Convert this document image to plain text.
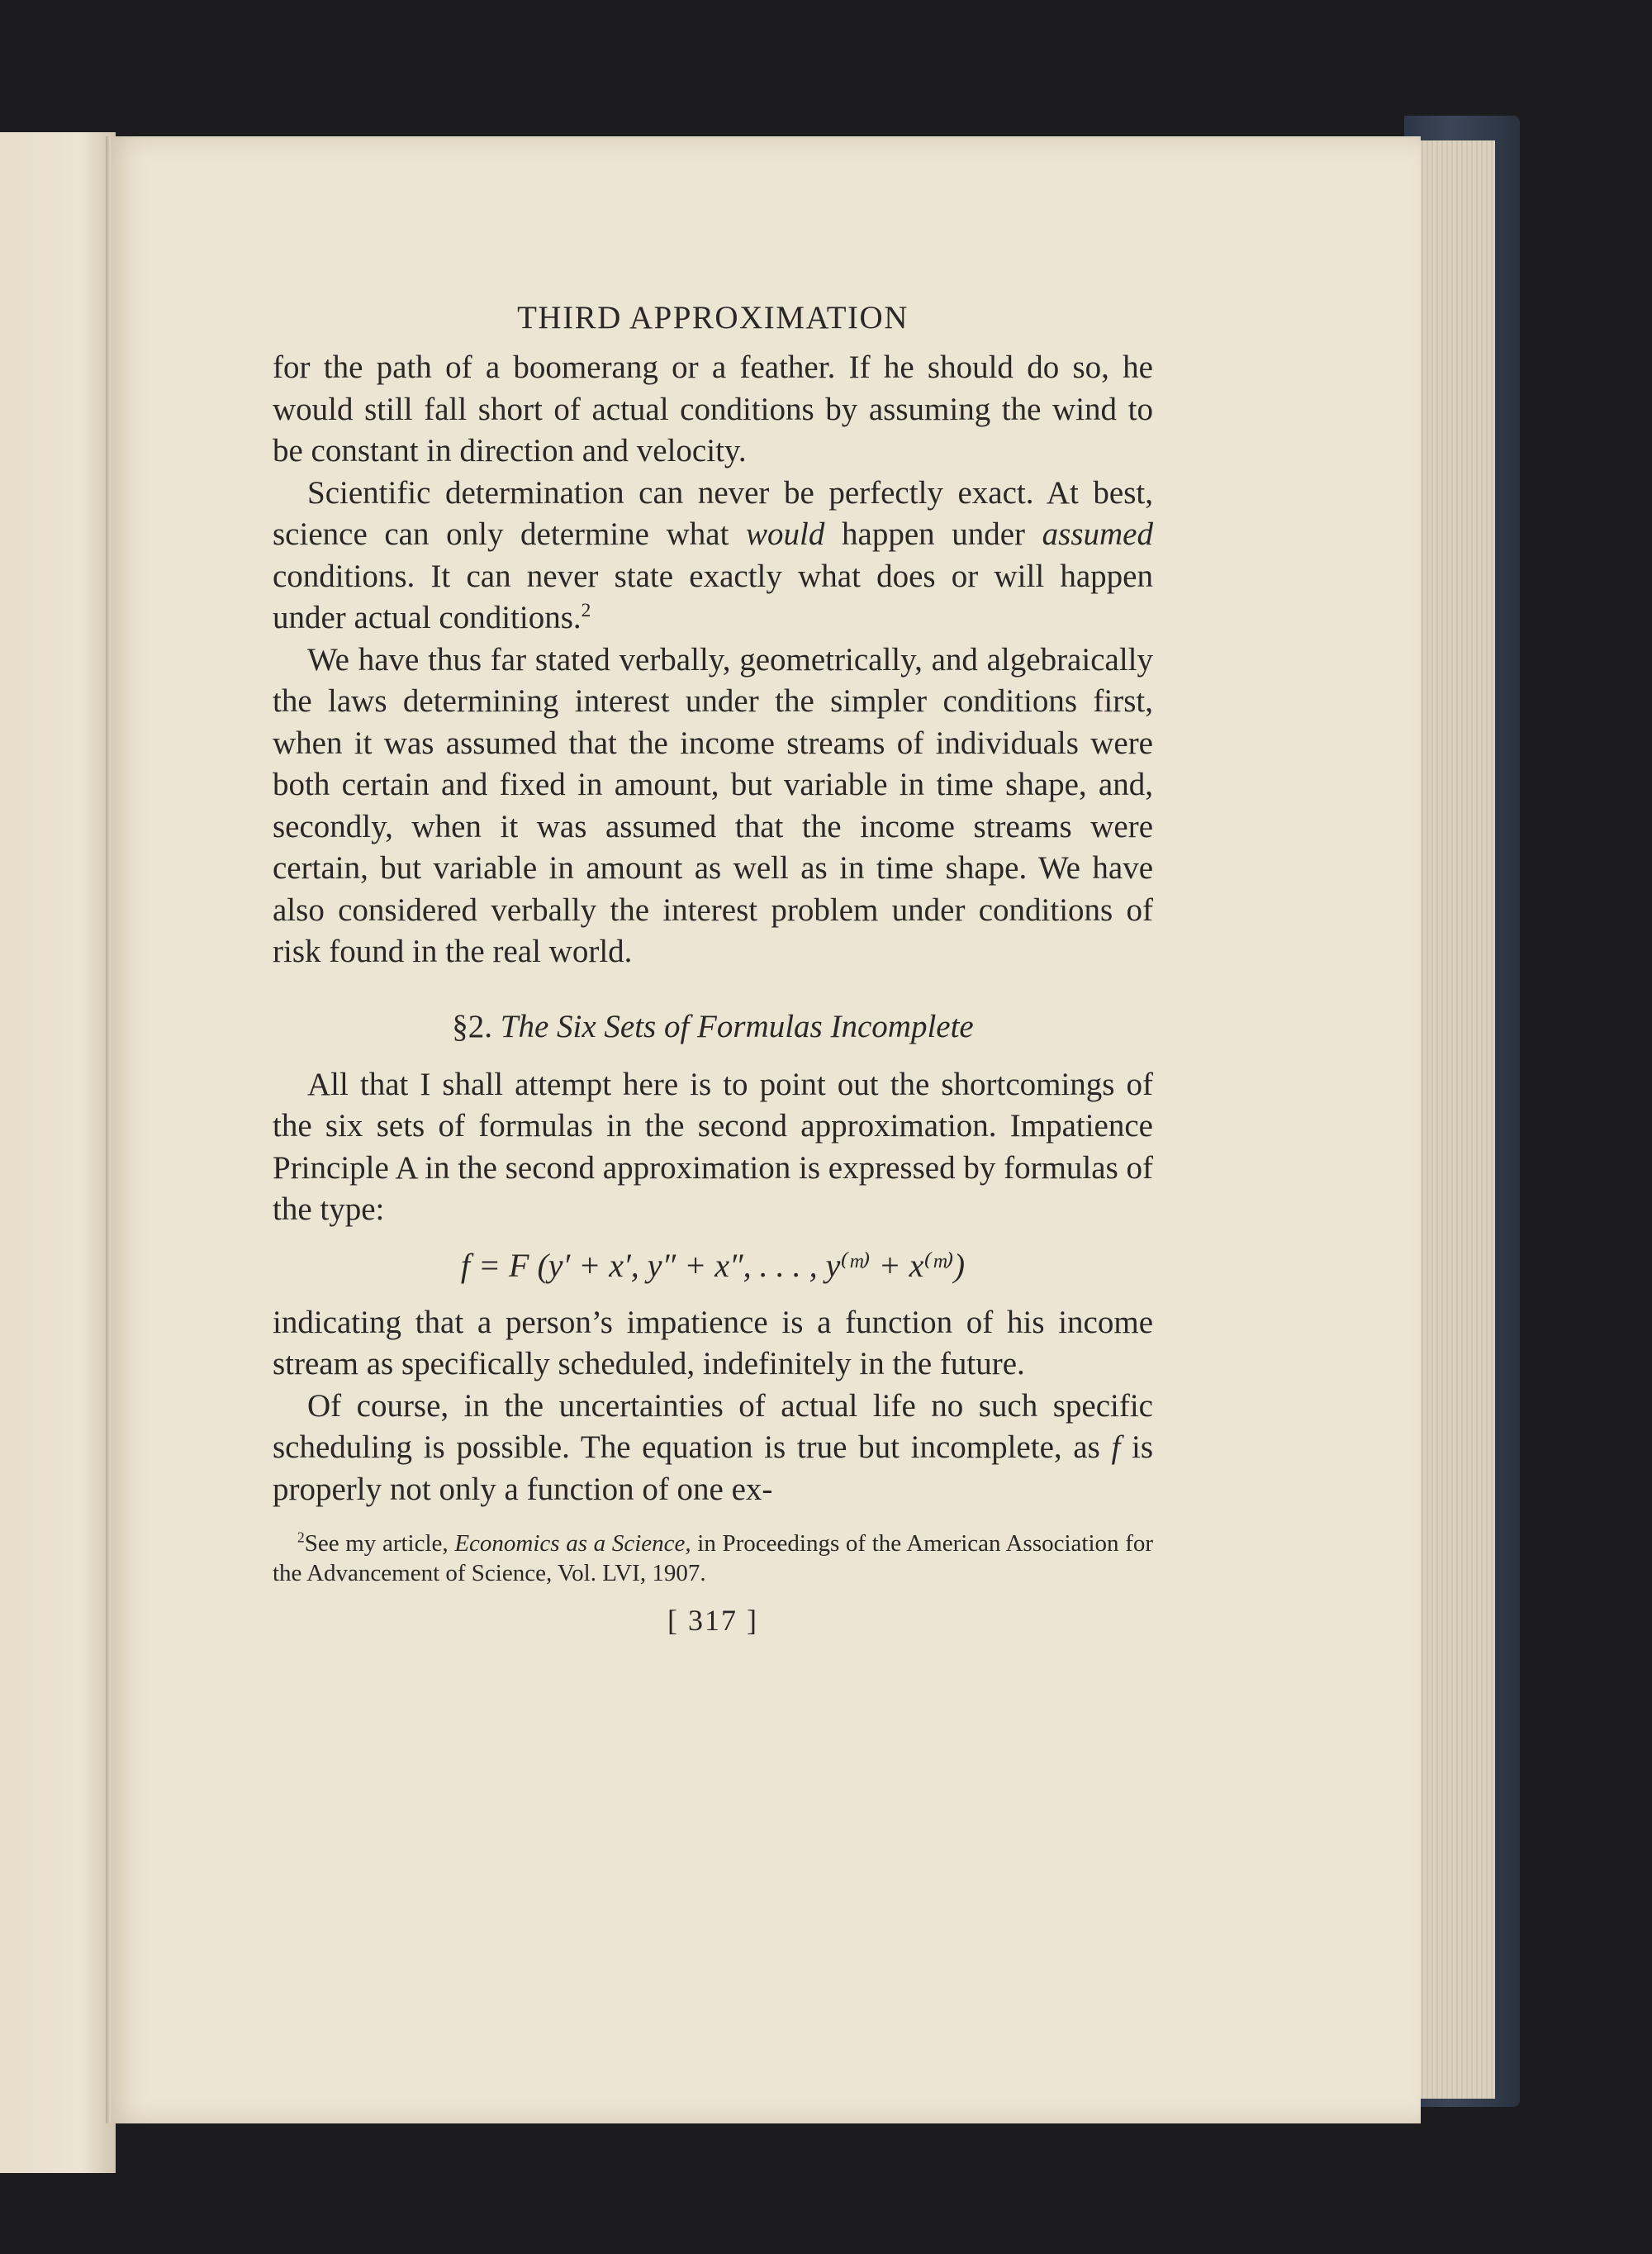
THIRD APPROXIMATION

for the path of a boomerang or a feather. If he should do so, he would still fall short of actual conditions by assuming the wind to be constant in direction and velocity.

Scientific determination can never be perfectly exact. At best, science can only determine what would happen under assumed conditions. It can never state exactly what does or will happen under actual conditions.$^2$

We have thus far stated verbally, geometrically, and algebraically the laws determining interest under the simpler conditions first, when it was assumed that the income streams of individuals were both certain and fixed in amount, but variable in time shape, and, secondly, when it was assumed that the income streams were certain, but variable in amount as well as in time shape. We have also considered verbally the interest problem under conditions of risk found in the real world.

§2. The Six Sets of Formulas Incomplete

All that I shall attempt here is to point out the shortcomings of the six sets of formulas in the second approximation. Impatience Principle A in the second approximation is expressed by formulas of the type:

f = F (y′ + x′, y″ + x″, . . . , y⁽ᵐ⁾ + x⁽ᵐ⁾)

indicating that a person’s impatience is a function of his income stream as specifically scheduled, indefinitely in the future.

Of course, in the uncertainties of actual life no such specific scheduling is possible. The equation is true but incomplete, as f is properly not only a function of one ex-

$^2$See my article, Economics as a Science, in Proceedings of the American Association for the Advancement of Science, Vol. LVI, 1907.
[ 317 ]
